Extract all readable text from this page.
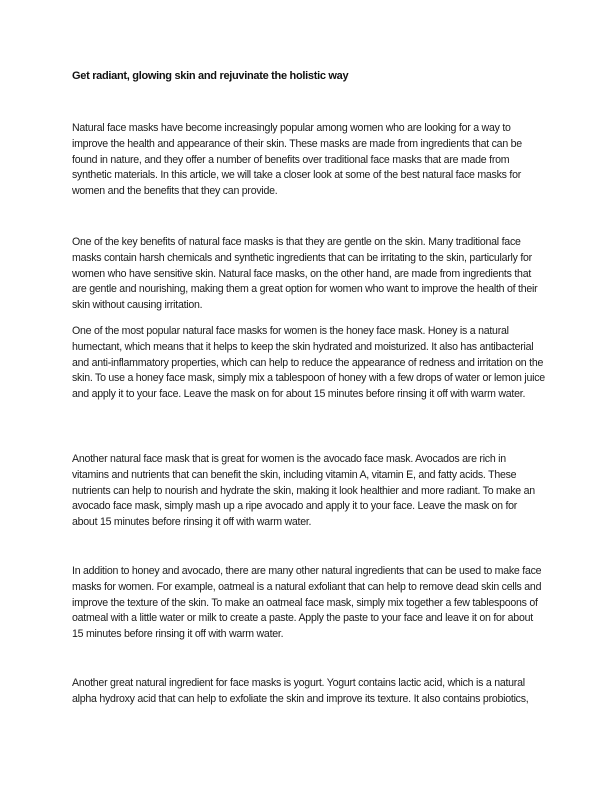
Get radiant, glowing skin and rejuvinate the holistic way
Natural face masks have become increasingly popular among women who are looking for a way to improve the health and appearance of their skin. These masks are made from ingredients that can be found in nature, and they offer a number of benefits over traditional face masks that are made from synthetic materials. In this article, we will take a closer look at some of the best natural face masks for women and the benefits that they can provide.
One of the key benefits of natural face masks is that they are gentle on the skin. Many traditional face masks contain harsh chemicals and synthetic ingredients that can be irritating to the skin, particularly for women who have sensitive skin. Natural face masks, on the other hand, are made from ingredients that are gentle and nourishing, making them a great option for women who want to improve the health of their skin without causing irritation.
One of the most popular natural face masks for women is the honey face mask. Honey is a natural humectant, which means that it helps to keep the skin hydrated and moisturized. It also has antibacterial and anti-inflammatory properties, which can help to reduce the appearance of redness and irritation on the skin. To use a honey face mask, simply mix a tablespoon of honey with a few drops of water or lemon juice and apply it to your face. Leave the mask on for about 15 minutes before rinsing it off with warm water.
Another natural face mask that is great for women is the avocado face mask. Avocados are rich in vitamins and nutrients that can benefit the skin, including vitamin A, vitamin E, and fatty acids. These nutrients can help to nourish and hydrate the skin, making it look healthier and more radiant. To make an avocado face mask, simply mash up a ripe avocado and apply it to your face. Leave the mask on for about 15 minutes before rinsing it off with warm water.
In addition to honey and avocado, there are many other natural ingredients that can be used to make face masks for women. For example, oatmeal is a natural exfoliant that can help to remove dead skin cells and improve the texture of the skin. To make an oatmeal face mask, simply mix together a few tablespoons of oatmeal with a little water or milk to create a paste. Apply the paste to your face and leave it on for about 15 minutes before rinsing it off with warm water.
Another great natural ingredient for face masks is yogurt. Yogurt contains lactic acid, which is a natural alpha hydroxy acid that can help to exfoliate the skin and improve its texture. It also contains probiotics,
